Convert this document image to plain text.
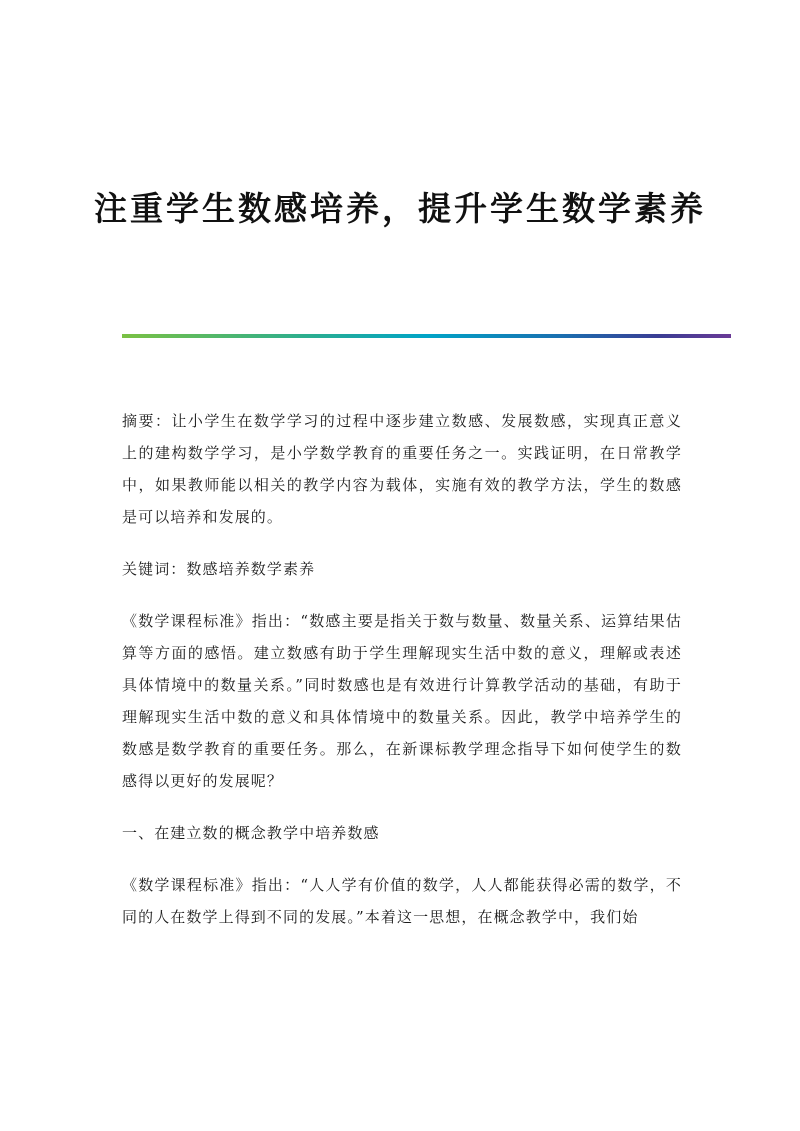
注重学生数感培养，提升学生数学素养

摘要：让小学生在数学学习的过程中逐步建立数感、发展数感，实现真正意义上的建构数学学习，是小学数学教育的重要任务之一。实践证明，在日常教学中，如果教师能以相关的教学内容为载体，实施有效的教学方法，学生的数感是可以培养和发展的。

关键词：数感培养数学素养

《数学课程标准》指出：“数感主要是指关于数与数量、数量关系、运算结果估算等方面的感悟。建立数感有助于学生理解现实生活中数的意义，理解或表述具体情境中的数量关系。”同时数感也是有效进行计算教学活动的基础，有助于理解现实生活中数的意义和具体情境中的数量关系。因此，教学中培养学生的数感是数学教育的重要任务。那么，在新课标教学理念指导下如何使学生的数感得以更好的发展呢？

一、在建立数的概念教学中培养数感

《数学课程标准》指出：“人人学有价值的数学，人人都能获得必需的数学，不同的人在数学上得到不同的发展。”本着这一思想，在概念教学中，我们始
